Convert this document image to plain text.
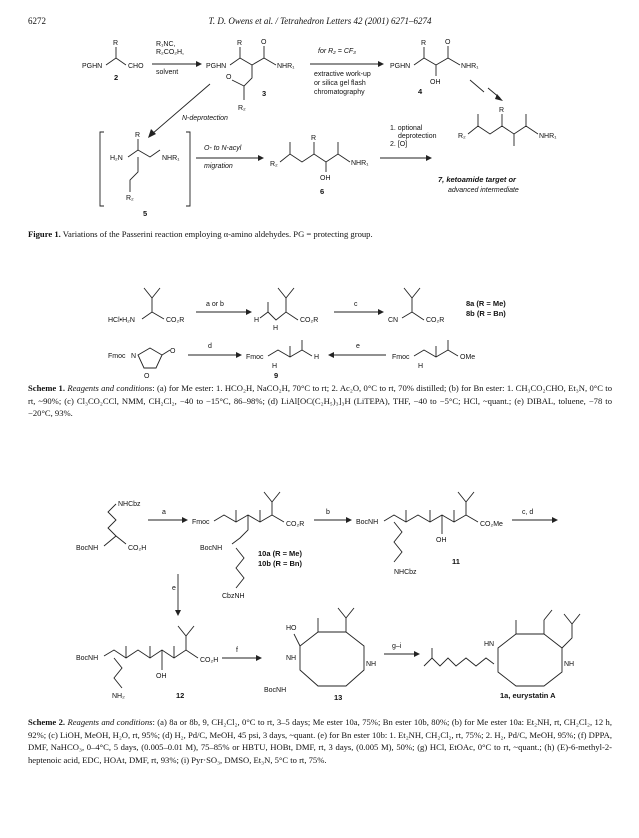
6272	T. D. Owens et al. / Tetrahedron Letters 42 (2001) 6271–6274
PGHN
R
CHO
2
R₁NC,
R₂CO₂H,
solvent
PGHN
R	O
NHR₁
O
R₂
3
for R₂ = CF₃
extractive work-up
or silica gel flash
chromatography
PGHN
R	O
NHR₁
OH
4
N-deprotection
H₂N
R
NHR₁
R₂
5
O- to N-acyl
migration	R₂
R
NHR₁
OH
6
1. optional
deprotection
2. [O]
R₂
R
NHR₁
7, ketoamide target or
advanced intermediate
Figure 1. Variations of the Passerini reaction employing α-amino aldehydes. PG = protecting group.
HCl•H₂N	CO₂R
a or b
H
H
CO₂R
c
CN	CO₂R
8a (R = Me)
8b (R = Bn)
Fmoc N
O
O
d
Fmoc
H
H
9
e
Fmoc
H
OMe
Scheme 1. Reagents and conditions: (a) for Me ester: 1. HCO₂H, NaCO₂H, 70°C to rt; 2. Ac₂O, 0°C to rt, 70% distilled; (b) for Bn ester: 1. CH₃CO₂CHO, Et₃N, 0°C to rt, ~90%; (c) Cl₃CO₂CCl, NMM, CH₂Cl₂, −40 to −15°C, 86–98%; (d) LiAl[OC(C₂H₅)₃]₃H (LiTEPA), THF, −40 to −5°C; HCl, ~quant.; (e) DIBAL, toluene, −78 to −20°C, 93%.
NHCbz
BocNH	CO₂H
a
Fmoc	CO₂R
BocNH
CbzNH
10a (R = Me)
10b (R = Bn)
b
BocNH
OH
CO₂Me
NHCbz
11
c, d
e
BocNH
OH
CO₂H
NH₂	12
f
HO
NH
NH
BocNH
13
g–i	HN
NH
1a, eurystatin A
Scheme 2. Reagents and conditions: (a) 8a or 8b, 9, CH₂Cl₂, 0°C to rt, 3–5 days; Me ester 10a, 75%; Bn ester 10b, 80%; (b) for Me ester 10a: Et₂NH, rt, CH₂Cl₂, 12 h, 92%; (c) LiOH, MeOH, H₂O, rt, 95%; (d) H₂, Pd/C, MeOH, 45 psi, 3 days, ~quant. (e) for Bn ester 10b: 1. Et₂NH, CH₂Cl₂, rt, 75%; 2. H₂, Pd/C, MeOH, 95%; (f) DPPA, DMF, NaHCO₃, 0–4°C, 5 days, (0.005–0.01 M), 75–85% or HBTU, HOBt, DMF, rt, 3 days, (0.005 M), 50%; (g) HCl, EtOAc, 0°C to rt, ~quant.; (h) (E)-6-methyl-2-heptenoic acid, EDC, HOAt, DMF, rt, 93%; (i) Pyr·SO₃, DMSO, Et₃N, 5°C to rt, 75%.
